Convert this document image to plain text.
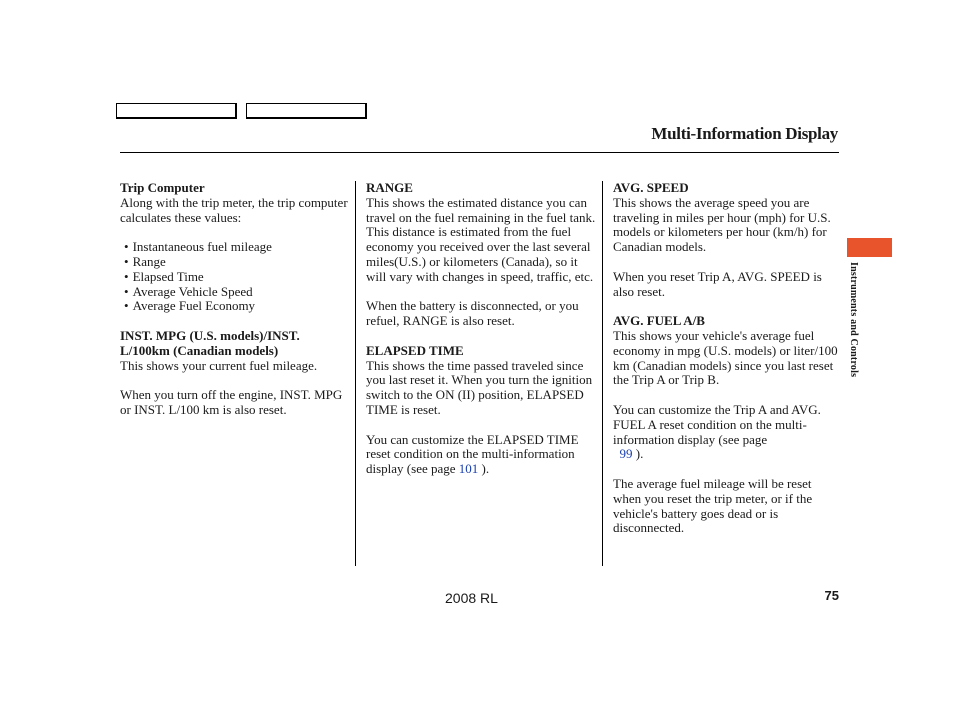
Multi-Information Display
Trip Computer

Along with the trip meter, the trip computer calculates these values:

• Instantaneous fuel mileage
• Range
• Elapsed Time
• Average Vehicle Speed
• Average Fuel Economy
INST. MPG (U.S. models)/INST. L/100km (Canadian models)

This shows your current fuel mileage.

When you turn off the engine, INST. MPG or INST. L/100 km is also reset.

RANGE

This shows the estimated distance you can travel on the fuel remaining in the fuel tank. This distance is estimated from the fuel economy you received over the last several miles(U.S.) or kilometers (Canada), so it will vary with changes in speed, traffic, etc.

When the battery is disconnected, or you refuel, RANGE is also reset.

ELAPSED TIME

This shows the time passed traveled since you last reset it. When you turn the ignition switch to the ON (II) position, ELAPSED TIME is reset.

You can customize the ELAPSED TIME reset condition on the multi-information display (see page 101 ).

AVG. SPEED

This shows the average speed you are traveling in miles per hour (mph) for U.S. models or kilometers per hour (km/h) for Canadian models.

When you reset Trip A, AVG. SPEED is also reset.

AVG. FUEL A/B

This shows your vehicle's average fuel economy in mpg (U.S. models) or liter/100 km (Canadian models) since you last reset the Trip A or Trip B.

You can customize the Trip A and AVG. FUEL A reset condition on the multi-information display (see page
99 ).

The average fuel mileage will be reset when you reset the trip meter, or if the vehicle's battery goes dead or is disconnected.

Instruments and Controls
2008 RL	75
